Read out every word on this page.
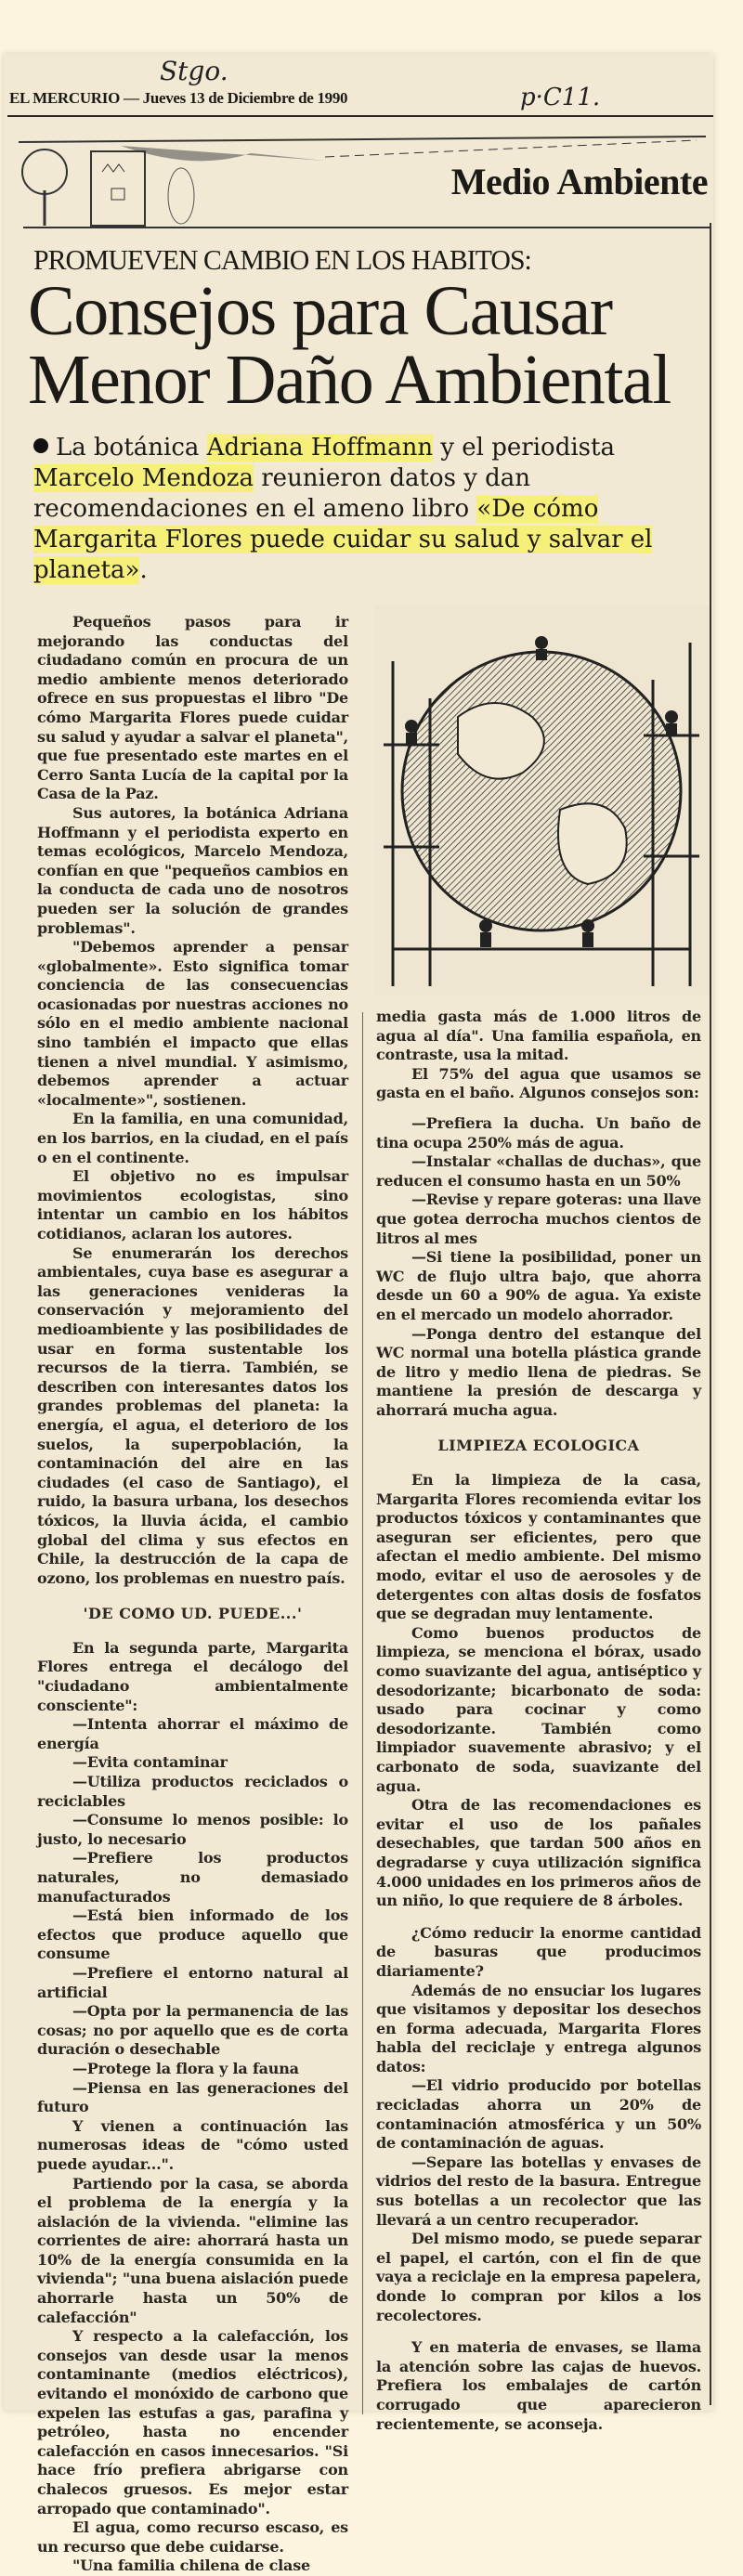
Stgo.
p·C11.
EL MERCURIO — Jueves 13 de Diciembre de 1990
Medio Ambiente
PROMUEVEN CAMBIO EN LOS HABITOS:
Consejos para Causar
Menor Daño Ambiental
La botánica Adriana Hoffmann y el periodista Marcelo Mendoza reunieron datos y dan recomendaciones en el ameno libro «De cómo Margarita Flores puede cuidar su salud y salvar el planeta».

Pequeños pasos para ir mejorando las conductas del ciudadano común en procura de un medio ambiente menos deteriorado ofrece en sus propuestas el libro "De cómo Margarita Flores puede cuidar su salud y ayudar a salvar el planeta", que fue presentado este martes en el Cerro Santa Lucía de la capital por la Casa de la Paz.

Sus autores, la botánica Adriana Hoffmann y el periodista experto en temas ecológicos, Marcelo Mendoza, confían en que "pequeños cambios en la conducta de cada uno de nosotros pueden ser la solución de grandes problemas".

"Debemos aprender a pensar «globalmente». Esto significa tomar conciencia de las consecuencias ocasionadas por nuestras acciones no sólo en el medio ambiente nacional sino también el impacto que ellas tienen a nivel mundial. Y asimismo, debemos aprender a actuar «localmente»", sostienen.

En la familia, en una comunidad, en los barrios, en la ciudad, en el país o en el continente.

El objetivo no es impulsar movimientos ecologistas, sino intentar un cambio en los hábitos cotidianos, aclaran los autores.

Se enumerarán los derechos ambientales, cuya base es asegurar a las generaciones venideras la conservación y mejoramiento del medioambiente y las posibilidades de usar en forma sustentable los recursos de la tierra. También, se describen con interesantes datos los grandes problemas del planeta: la energía, el agua, el deterioro de los suelos, la superpoblación, la contaminación del aire en las ciudades (el caso de Santiago), el ruido, la basura urbana, los desechos tóxicos, la lluvia ácida, el cambio global del clima y sus efectos en Chile, la destrucción de la capa de ozono, los problemas en nuestro país.

'DE COMO UD. PUEDE...'

En la segunda parte, Margarita Flores entrega el decálogo del "ciudadano ambientalmente consciente":

—Intenta ahorrar el máximo de energía

—Evita contaminar

—Utiliza productos reciclados o reciclables

—Consume lo menos posible: lo justo, lo necesario

—Prefiere los productos naturales, no demasiado manufacturados

—Está bien informado de los efectos que produce aquello que consume

—Prefiere el entorno natural al artificial

—Opta por la permanencia de las cosas; no por aquello que es de corta duración o desechable

—Protege la flora y la fauna

—Piensa en las generaciones del futuro

Y vienen a continuación las numerosas ideas de "cómo usted puede ayudar...".

Partiendo por la casa, se aborda el problema de la energía y la aislación de la vivienda. "elimine las corrientes de aire: ahorrará hasta un 10% de la energía consumida en la vivienda"; "una buena aislación puede ahorrarle hasta un 50% de calefacción"

Y respecto a la calefacción, los consejos van desde usar la menos contaminante (medios eléctricos), evitando el monóxido de carbono que expelen las estufas a gas, parafina y petróleo, hasta no encender calefacción en casos innecesarios. "Si hace frío prefiera abrigarse con chalecos gruesos. Es mejor estar arropado que contaminado".

El agua, como recurso escaso, es un recurso que debe cuidarse.

"Una familia chilena de clase

media gasta más de 1.000 litros de agua al día". Una familia española, en contraste, usa la mitad.

El 75% del agua que usamos se gasta en el baño. Algunos consejos son:

—Prefiera la ducha. Un baño de tina ocupa 250% más de agua.

—Instalar «challas de duchas», que reducen el consumo hasta en un 50%

—Revise y repare goteras: una llave que gotea derrocha muchos cientos de litros al mes

—Si tiene la posibilidad, poner un WC de flujo ultra bajo, que ahorra desde un 60 a 90% de agua. Ya existe en el mercado un modelo ahorrador.

—Ponga dentro del estanque del WC normal una botella plástica grande de litro y medio llena de piedras. Se mantiene la presión de descarga y ahorrará mucha agua.

LIMPIEZA ECOLOGICA

En la limpieza de la casa, Margarita Flores recomienda evitar los productos tóxicos y contaminantes que aseguran ser eficientes, pero que afectan el medio ambiente. Del mismo modo, evitar el uso de aerosoles y de detergentes con altas dosis de fosfatos que se degradan muy lentamente.

Como buenos productos de limpieza, se menciona el bórax, usado como suavizante del agua, antiséptico y desodorizante; bicarbonato de soda: usado para cocinar y como desodorizante. También como limpiador suavemente abrasivo; y el carbonato de soda, suavizante del agua.

Otra de las recomendaciones es evitar el uso de los pañales desechables, que tardan 500 años en degradarse y cuya utilización significa 4.000 unidades en los primeros años de un niño, lo que requiere de 8 árboles.

¿Cómo reducir la enorme cantidad de basuras que producimos diariamente?

Además de no ensuciar los lugares que visitamos y depositar los desechos en forma adecuada, Margarita Flores habla del reciclaje y entrega algunos datos:

—El vidrio producido por botellas recicladas ahorra un 20% de contaminación atmosférica y un 50% de contaminación de aguas.

—Separe las botellas y envases de vidrios del resto de la basura. Entregue sus botellas a un recolector que las llevará a un centro recuperador.

Del mismo modo, se puede separar el papel, el cartón, con el fin de que vaya a reciclaje en la empresa papelera, donde lo compran por kilos a los recolectores.

Y en materia de envases, se llama la atención sobre las cajas de huevos. Prefiera los embalajes de cartón corrugado que aparecieron recientemente, se aconseja.
